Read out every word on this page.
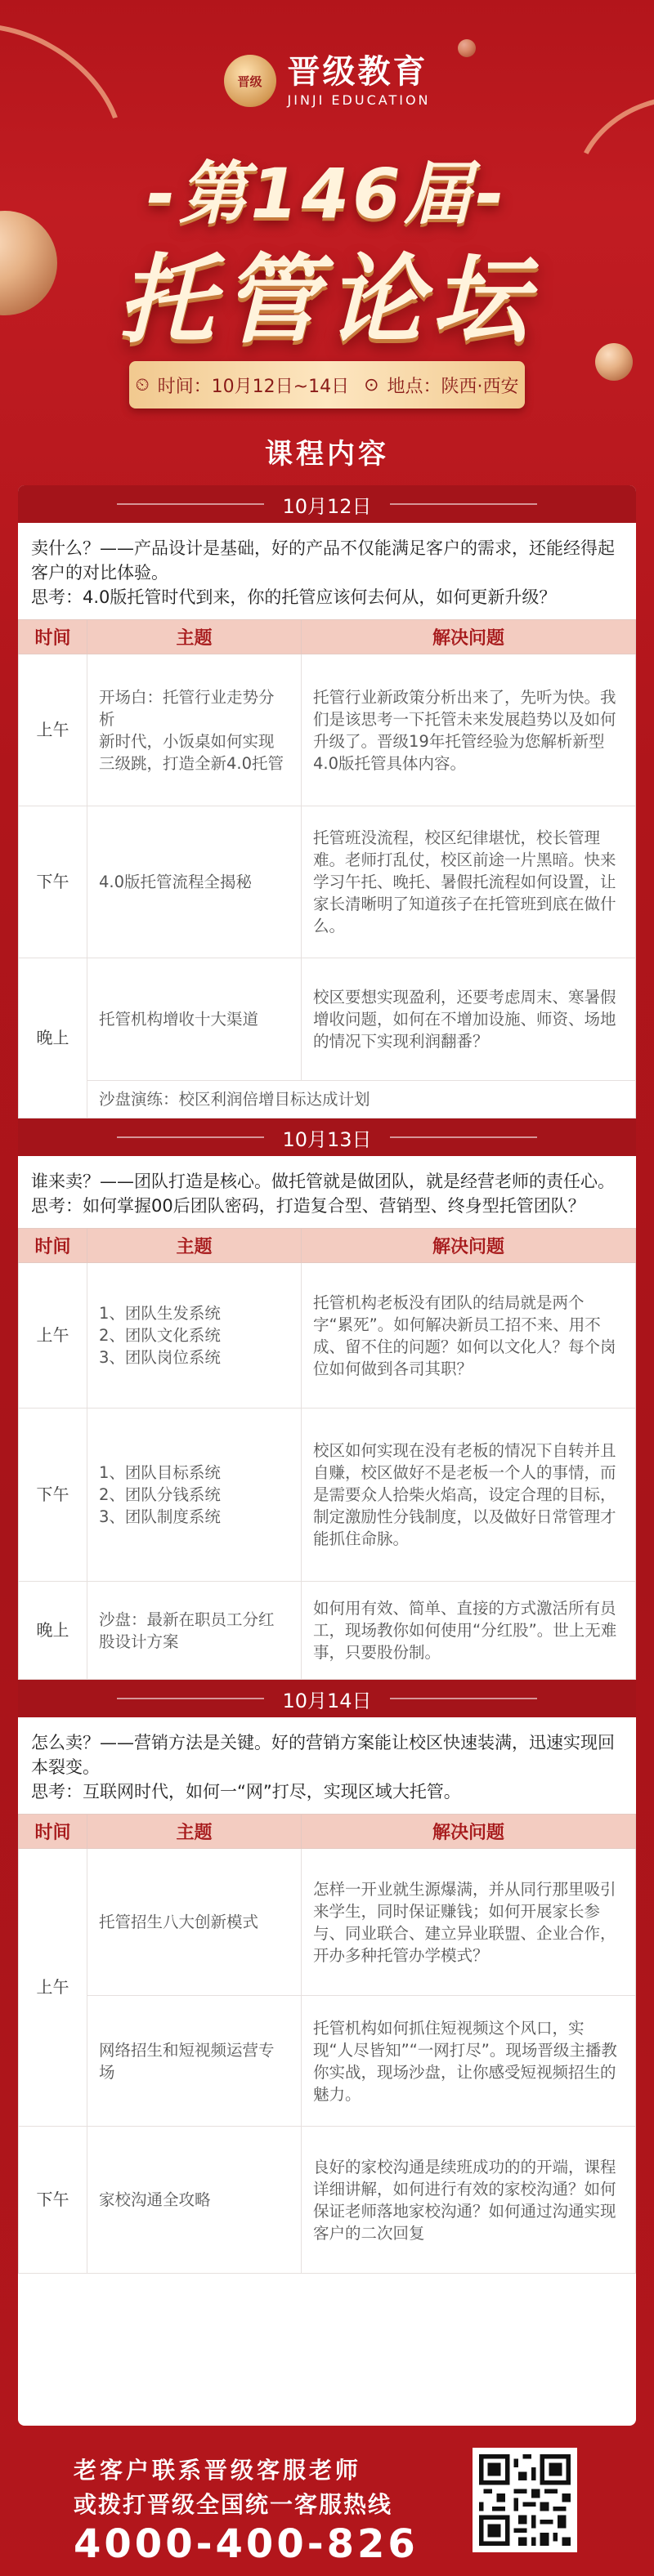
晋级 晋级教育
JINJI EDUCATION
-第146届-
托管论坛
⏲ 时间：10月12日~14日 ⊙ 地点：陕西·西安
课程内容
10月12日

卖什么？——产品设计是基础，好的产品不仅能满足客户的需求，还能经得起客户的对比体验。

思考：4.0版托管时代到来，你的托管应该何去何从，如何更新升级？

时间	主题	解决问题
上午	开场白：托管行业走势分析
新时代，小饭桌如何实现三级跳，打造全新4.0托管	托管行业新政策分析出来了，先听为快。我们是该思考一下托管未来发展趋势以及如何升级了。晋级19年托管经验为您解析新型4.0版托管具体内容。
下午	4.0版托管流程全揭秘	托管班没流程，校区纪律堪忧，校长管理难。老师打乱仗，校区前途一片黑暗。快来学习午托、晚托、暑假托流程如何设置，让家长清晰明了知道孩子在托管班到底在做什么。
晚上	托管机构增收十大渠道	校区要想实现盈利，还要考虑周末、寒暑假增收问题，如何在不增加设施、师资、场地的情况下实现利润翻番？
	沙盘演练：校区利润倍增目标达成计划	
10月13日

谁来卖？——团队打造是核心。做托管就是做团队，就是经营老师的责任心。

思考：如何掌握00后团队密码，打造复合型、营销型、终身型托管团队？

时间	主题	解决问题
上午	1、团队生发系统
2、团队文化系统
3、团队岗位系统	托管机构老板没有团队的结局就是两个字“累死”。如何解决新员工招不来、用不成、留不住的问题？如何以文化人？每个岗位如何做到各司其职？
下午	1、团队目标系统
2、团队分钱系统
3、团队制度系统	校区如何实现在没有老板的情况下自转并且自赚，校区做好不是老板一个人的事情，而是需要众人拾柴火焰高，设定合理的目标，制定激励性分钱制度，以及做好日常管理才能抓住命脉。
晚上	沙盘：最新在职员工分红股设计方案	如何用有效、简单、直接的方式激活所有员工，现场教你如何使用“分红股”。世上无难事，只要股份制。
10月14日

怎么卖？——营销方法是关键。好的营销方案能让校区快速装满，迅速实现回本裂变。

思考：互联网时代，如何一“网”打尽，实现区域大托管。

时间	主题	解决问题
上午	托管招生八大创新模式	怎样一开业就生源爆满，并从同行那里吸引来学生，同时保证赚钱；如何开展家长参与、同业联合、建立异业联盟、企业合作，开办多种托管办学模式？
	网络招生和短视频运营专场	托管机构如何抓住短视频这个风口，实现“人尽皆知”“一网打尽”。现场晋级主播教你实战，现场沙盘，让你感受短视频招生的魅力。
下午	家校沟通全攻略	良好的家校沟通是续班成功的的开端，课程详细讲解，如何进行有效的家校沟通？如何保证老师落地家校沟通？如何通过沟通实现客户的二次回复
老客户联系晋级客服老师
或拨打晋级全国统一客服热线
4000-400-826
